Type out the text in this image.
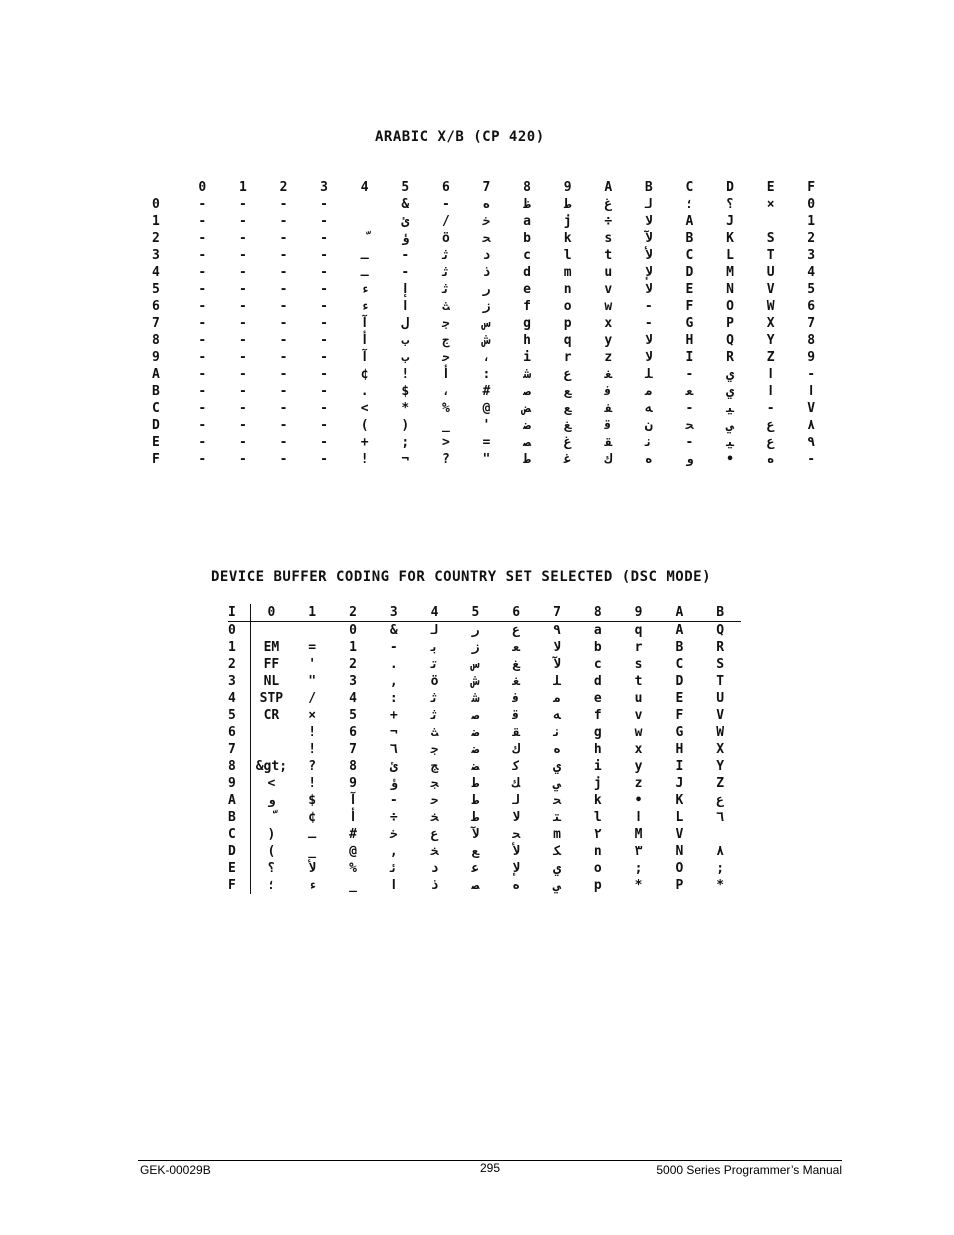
ARABIC X/B (CP 420)
	0	1	2	3	4	5	6	7	8	9	A	B	C	D	E	F
0	-	-	-	-		&	-	ه	ظ	ط	غ	ﻟ	؛	؟	×	0
1	-	-	-	-		ئ	/	ﺧ	a	j	÷	ﻻ	A	J		1
2	-	-	-	-		ؤ	ö	ﺤ	b	k	s	ﻵ	B	K	S	2
3	-	-	-	-	ـ	-	ﺛ	د	c	l	t	ﻷ	C	L	T	3
4	-	-	-	-	ـ	-	ﺛ	ذ	d	m	u	ﻹ	D	M	U	4
5	-	-	-	-	ء	إ	ﺛ	ر	e	n	v	ﻻ	E	N	V	5
6	-	-	-	-	ء	ا	ﺚ	ز	f	o	w	-	F	O	W	6
7	-	-	-	-	آ	ل	ﺟ	س	g	p	x	-	G	P	X	7
8	-	-	-	-	أ	ب	ﺝ	ش	h	q	y	ﻻ	H	Q	Y	8
9	-	-	-	-	آ	ب	ﺣ	،	i	r	z	ﻻ	I	R	Z	9
A	-	-	-	-	¢	!	أ	:	ﺷ	ﻉ	ﻐ	ﻠ	-	ﻱ	ا	-
B	-	-	-	-	.	$	،	#	ﺻ	ﻊ	ﻓ	ﻣ	ﻌ	ﻱ	ا	ا
C	-	-	-	-	<	*	%	@	ﺾ	ﻊ	ﻔ	ﻪ	-	ﻴ	-	V
D	-	-	-	-	(	)	_	'	ﺿ	ﻎ	ﻗ	ﻥ	ﺤ	ﻲ	ﻉ	٨
E	-	-	-	-	+	;	>	=	ﺼ	ﻍ	ﻘ	ﻧ	-	ﻴ	ﻉ	٩
F	-	-	-	-	!	¬	?	"	ط	ﻏ	ﻙ	ه	ﻭ	•	ه	-
DEVICE BUFFER CODING FOR COUNTRY SET SELECTED (DSC MODE)
I	0	1	2	3	4	5	6	7	8	9	A	B
0			0	&	ﻟ	ر	ﻉ	٩	a	q	A	Q
1	EM	=	1	-	ﺑ	ز	ﻌ	ﻻ	b	r	B	R
2	FF	'	2	.	ﺗ	س	ﻎ	ﻵ	c	s	C	S
3	NL	"	3	,	ö	ش	ﻐ	ﻠ	d	t	D	T
4	STP	/	4	:	ﺛ	ﺷ	ﻓ	ﻣ	e	u	E	U
5	CR	×	5	+	ﺛ	ﺻ	ﻗ	ﻪ	f	v	F	V
6		!	6	¬	ﺚ	ﺿ	ﻘ	ﻧ	g	w	G	W
7		!	7	٦	ﺟ	ﺿ	ﻙ	ه	h	x	H	X
8	&gt;	?	8	ئ	ﺞ	ﻀ	ﻛ	ﻱ	i	y	I	Y
9	<	!	9	ؤ	ﺠ	ط	ﻚ	ﻲ	j	z	J	Z
A	ﻭ	$	آ	-	ﺣ	ﻁ	ﻟ	ﺤ	k	•	K	ع
B		¢	أ	÷	ﺨ	ﻃ	ﻻ	ﺘ	l	ا	L	٦
C	)	ـ	#	ﺧ	ﻉ	ﻵ	ﺤ	m	٢	M	V	
D	(	_	@	,	ﺨ	ﻊ	ﻷ	ﻜ	n	٣	N	٨
E	؟	ﻷ	%	ﺋ	د	ﻋ	ﻹ	ﻱ	o	;	O	;
F	؛	ء	_	ا	ذ	ﺼ	ه	ﻲ	p	*	P	*
GEK-00029B	295	5000 Series Programmer’s Manual
